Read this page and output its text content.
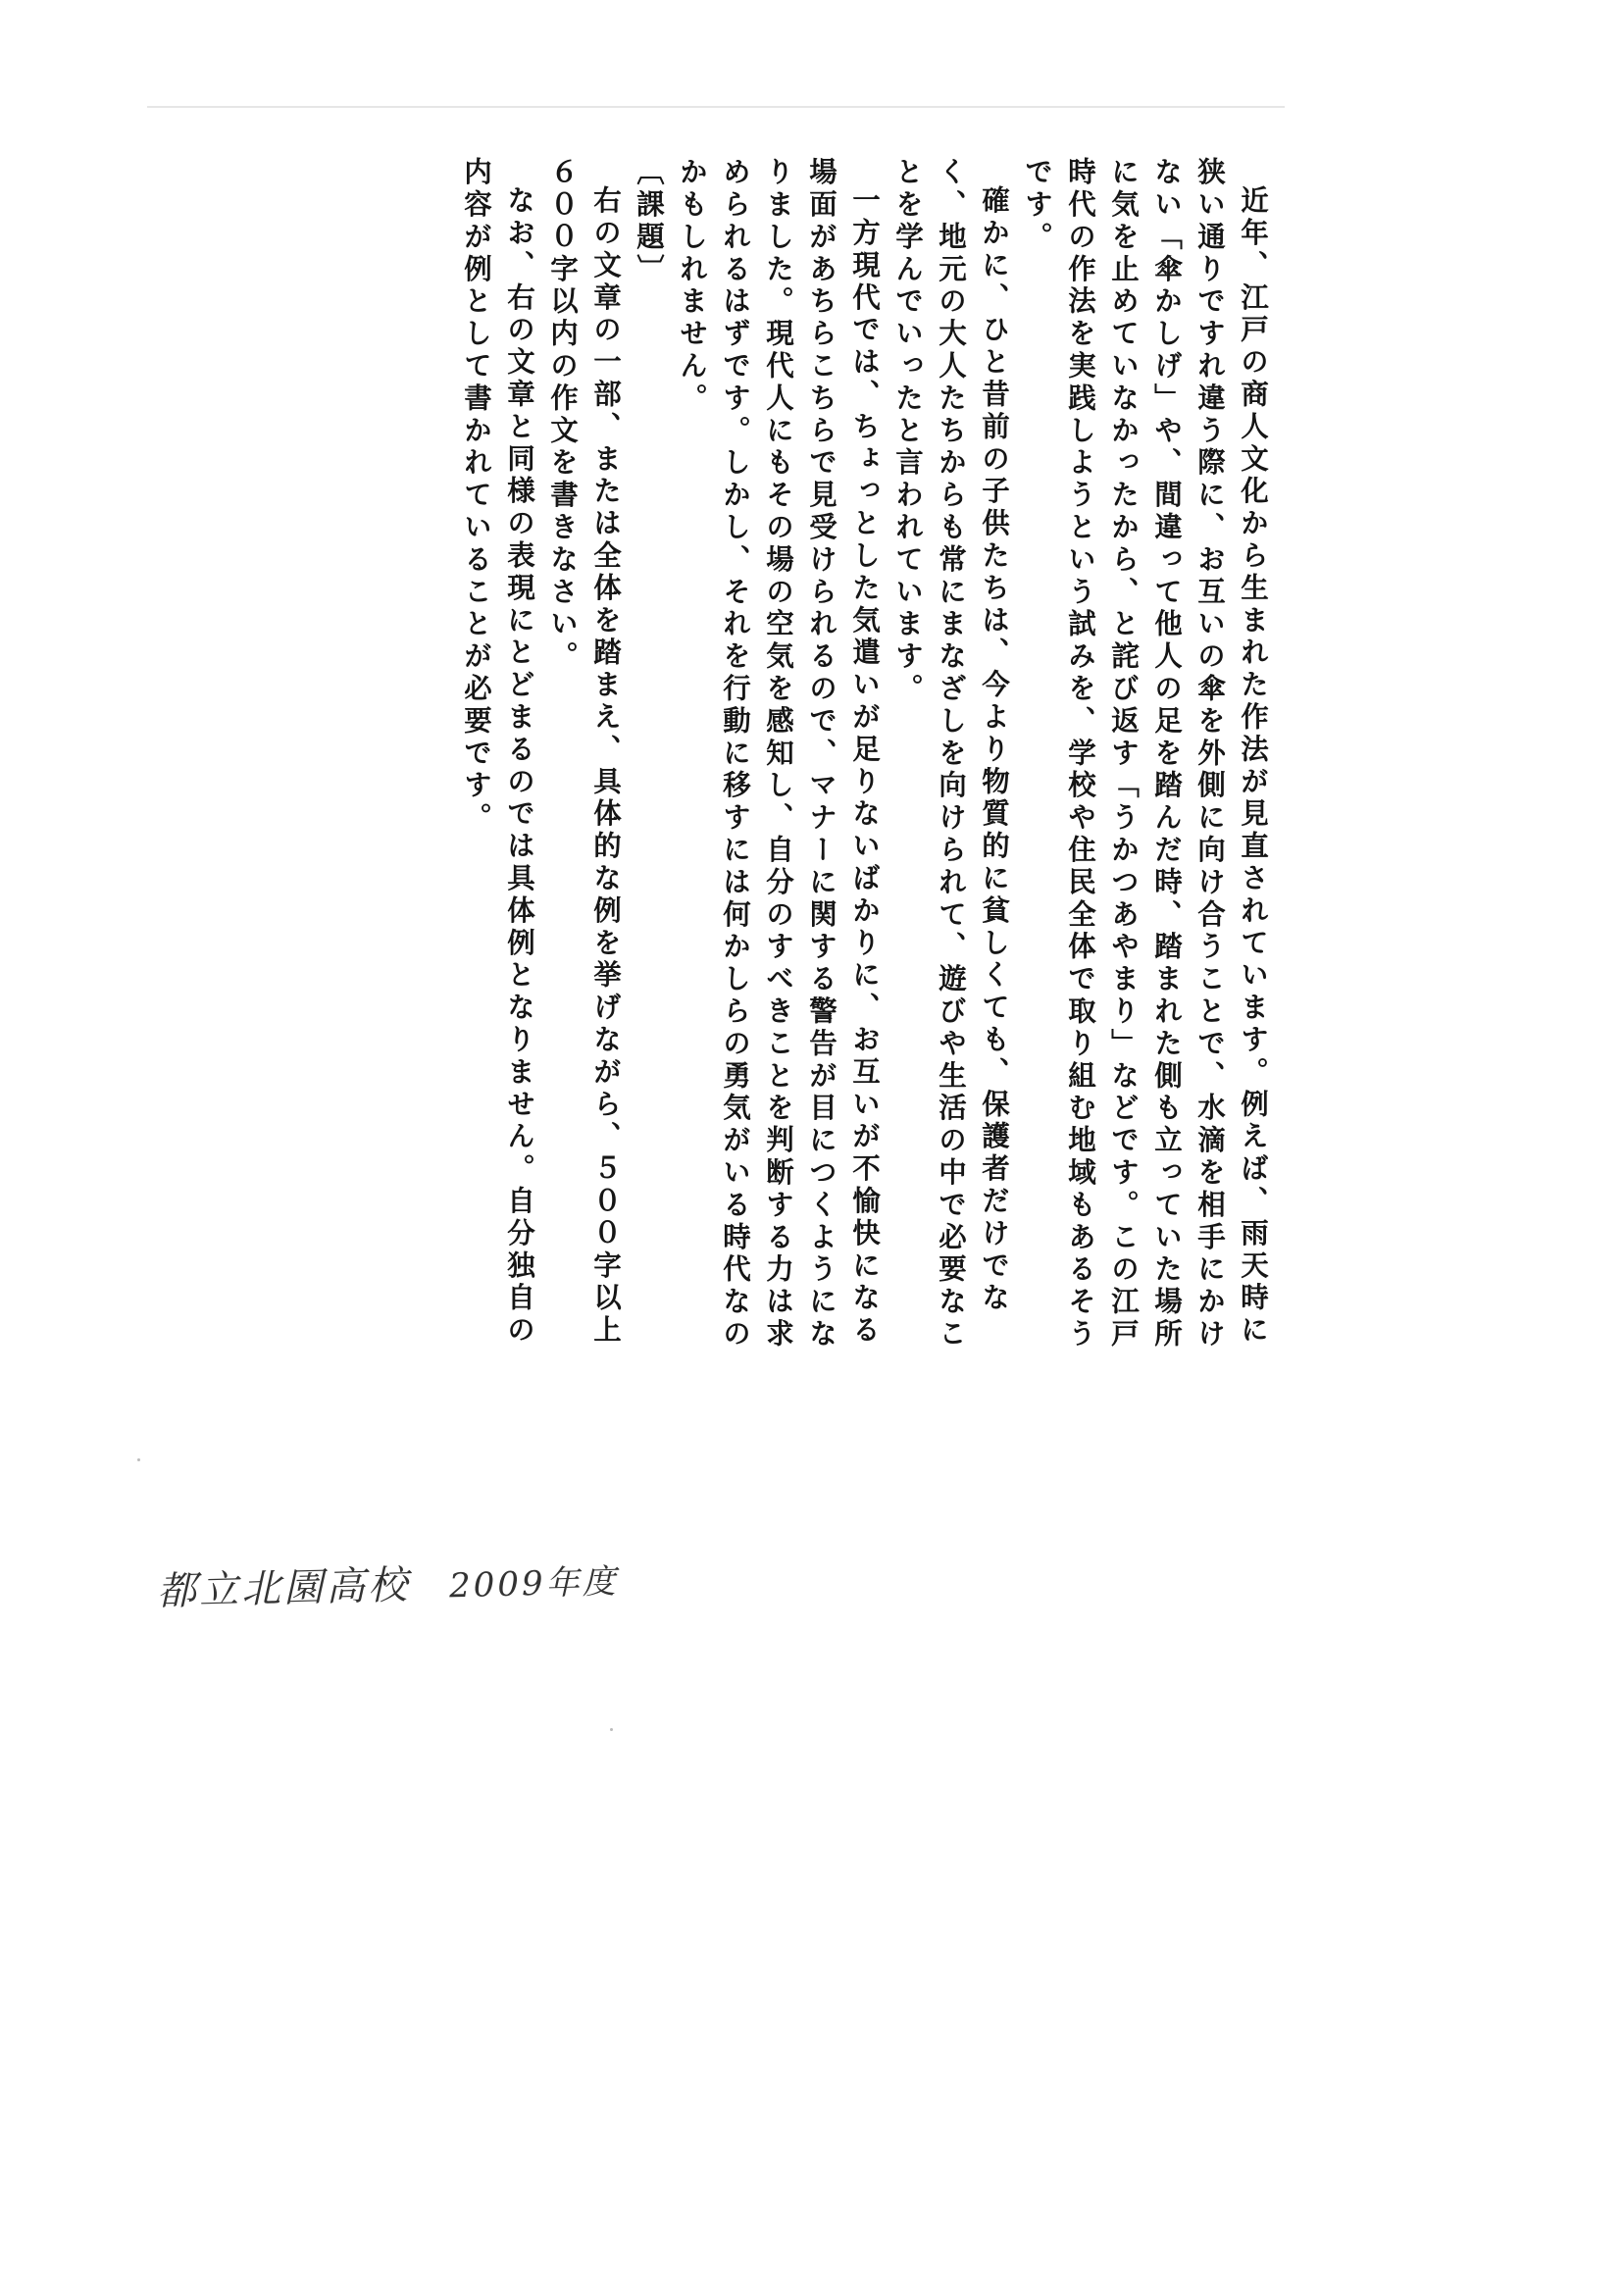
近年、江戸の商人文化から生まれた作法が見直されています。例えば、雨天時に狭い通りですれ違う際に、お互いの傘を外側に向け合うことで、水滴を相手にかけない「傘かしげ」や、間違って他人の足を踏んだ時、踏まれた側も立っていた場所に気を止めていなかったから、と詫び返す「うかつあやまり」などです。この江戸時代の作法を実践しようという試みを、学校や住民全体で取り組む地域もあるそうです。

確かに、ひと昔前の子供たちは、今より物質的に貧しくても、保護者だけでなく、地元の大人たちからも常にまなざしを向けられて、遊びや生活の中で必要なことを学んでいったと言われています。

一方現代では、ちょっとした気遣いが足りないばかりに、お互いが不愉快になる場面があちらこちらで見受けられるので、マナーに関する警告が目につくようになりました。現代人にもその場の空気を感知し、自分のすべきことを判断する力は求められるはずです。しかし、それを行動に移すには何かしらの勇気がいる時代なのかもしれません。

〔 課題 〕

右の文章の一部、または全体を踏まえ、具体的な例を挙げながら、５００字以上６００字以内の作文を書きなさい。

なお、右の文章と同様の表現にとどまるのでは具体例となりません。自分独自の内容が例として書かれていることが必要です。

都立北園高校 2009年度
